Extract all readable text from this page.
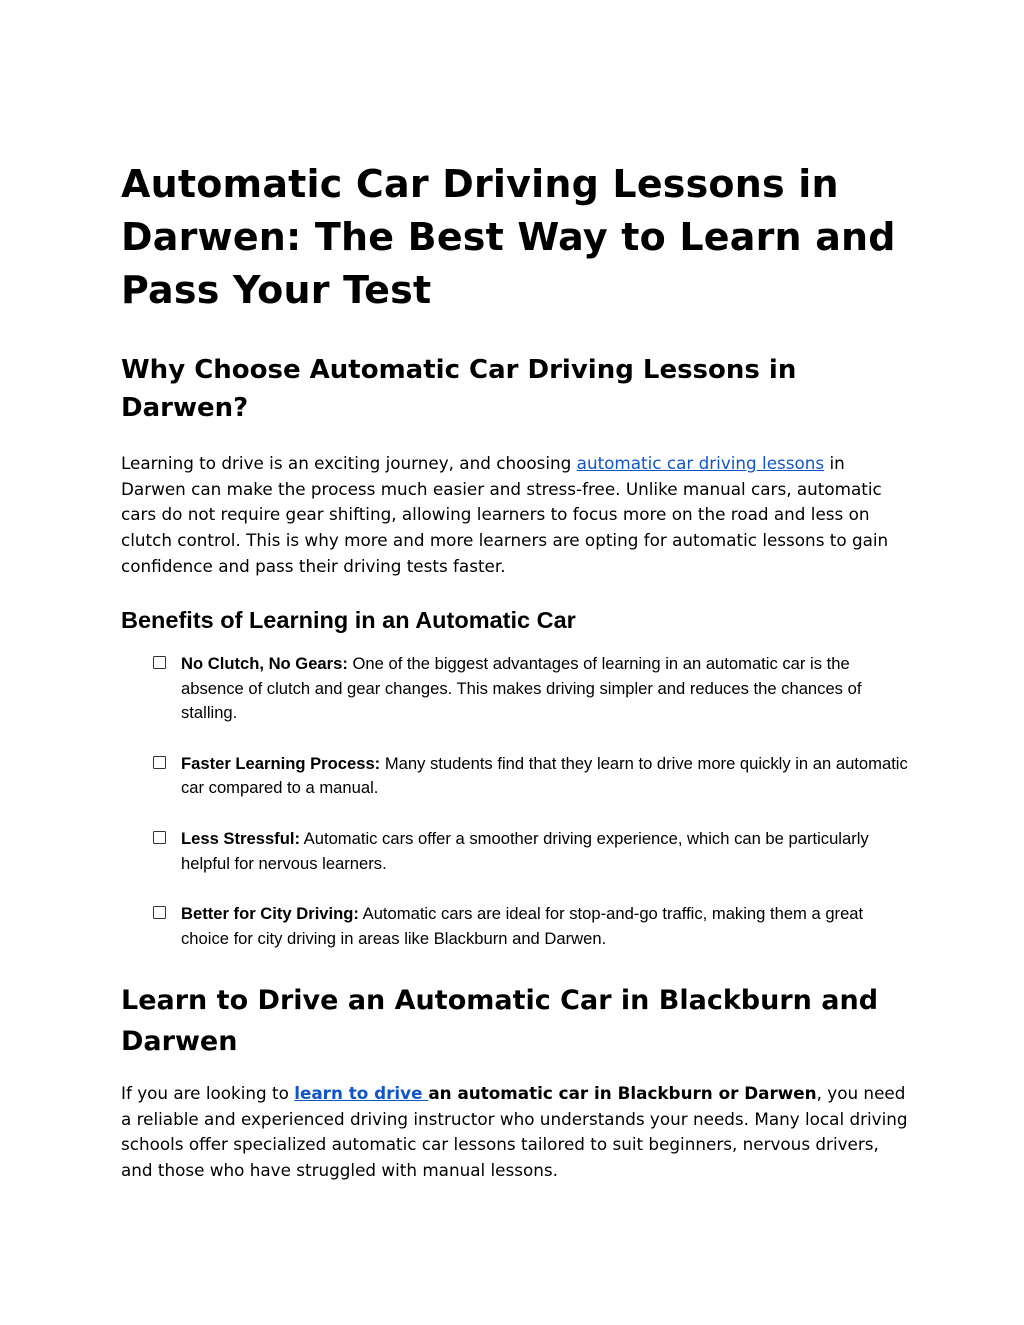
Automatic Car Driving Lessons in Darwen: The Best Way to Learn and Pass Your Test
Why Choose Automatic Car Driving Lessons in Darwen?

Learning to drive is an exciting journey, and choosing automatic car driving lessons in Darwen can make the process much easier and stress-free. Unlike manual cars, automatic cars do not require gear shifting, allowing learners to focus more on the road and less on clutch control. This is why more and more learners are opting for automatic lessons to gain confidence and pass their driving tests faster.

Benefits of Learning in an Automatic Car
No Clutch, No Gears: One of the biggest advantages of learning in an automatic car is the absence of clutch and gear changes. This makes driving simpler and reduces the chances of stalling.
Faster Learning Process: Many students find that they learn to drive more quickly in an automatic car compared to a manual.
Less Stressful: Automatic cars offer a smoother driving experience, which can be particularly helpful for nervous learners.
Better for City Driving: Automatic cars are ideal for stop-and-go traffic, making them a great choice for city driving in areas like Blackburn and Darwen.
Learn to Drive an Automatic Car in Blackburn and Darwen

If you are looking to learn to drive an automatic car in Blackburn or Darwen, you need a reliable and experienced driving instructor who understands your needs. Many local driving schools offer specialized automatic car lessons tailored to suit beginners, nervous drivers, and those who have struggled with manual lessons.
